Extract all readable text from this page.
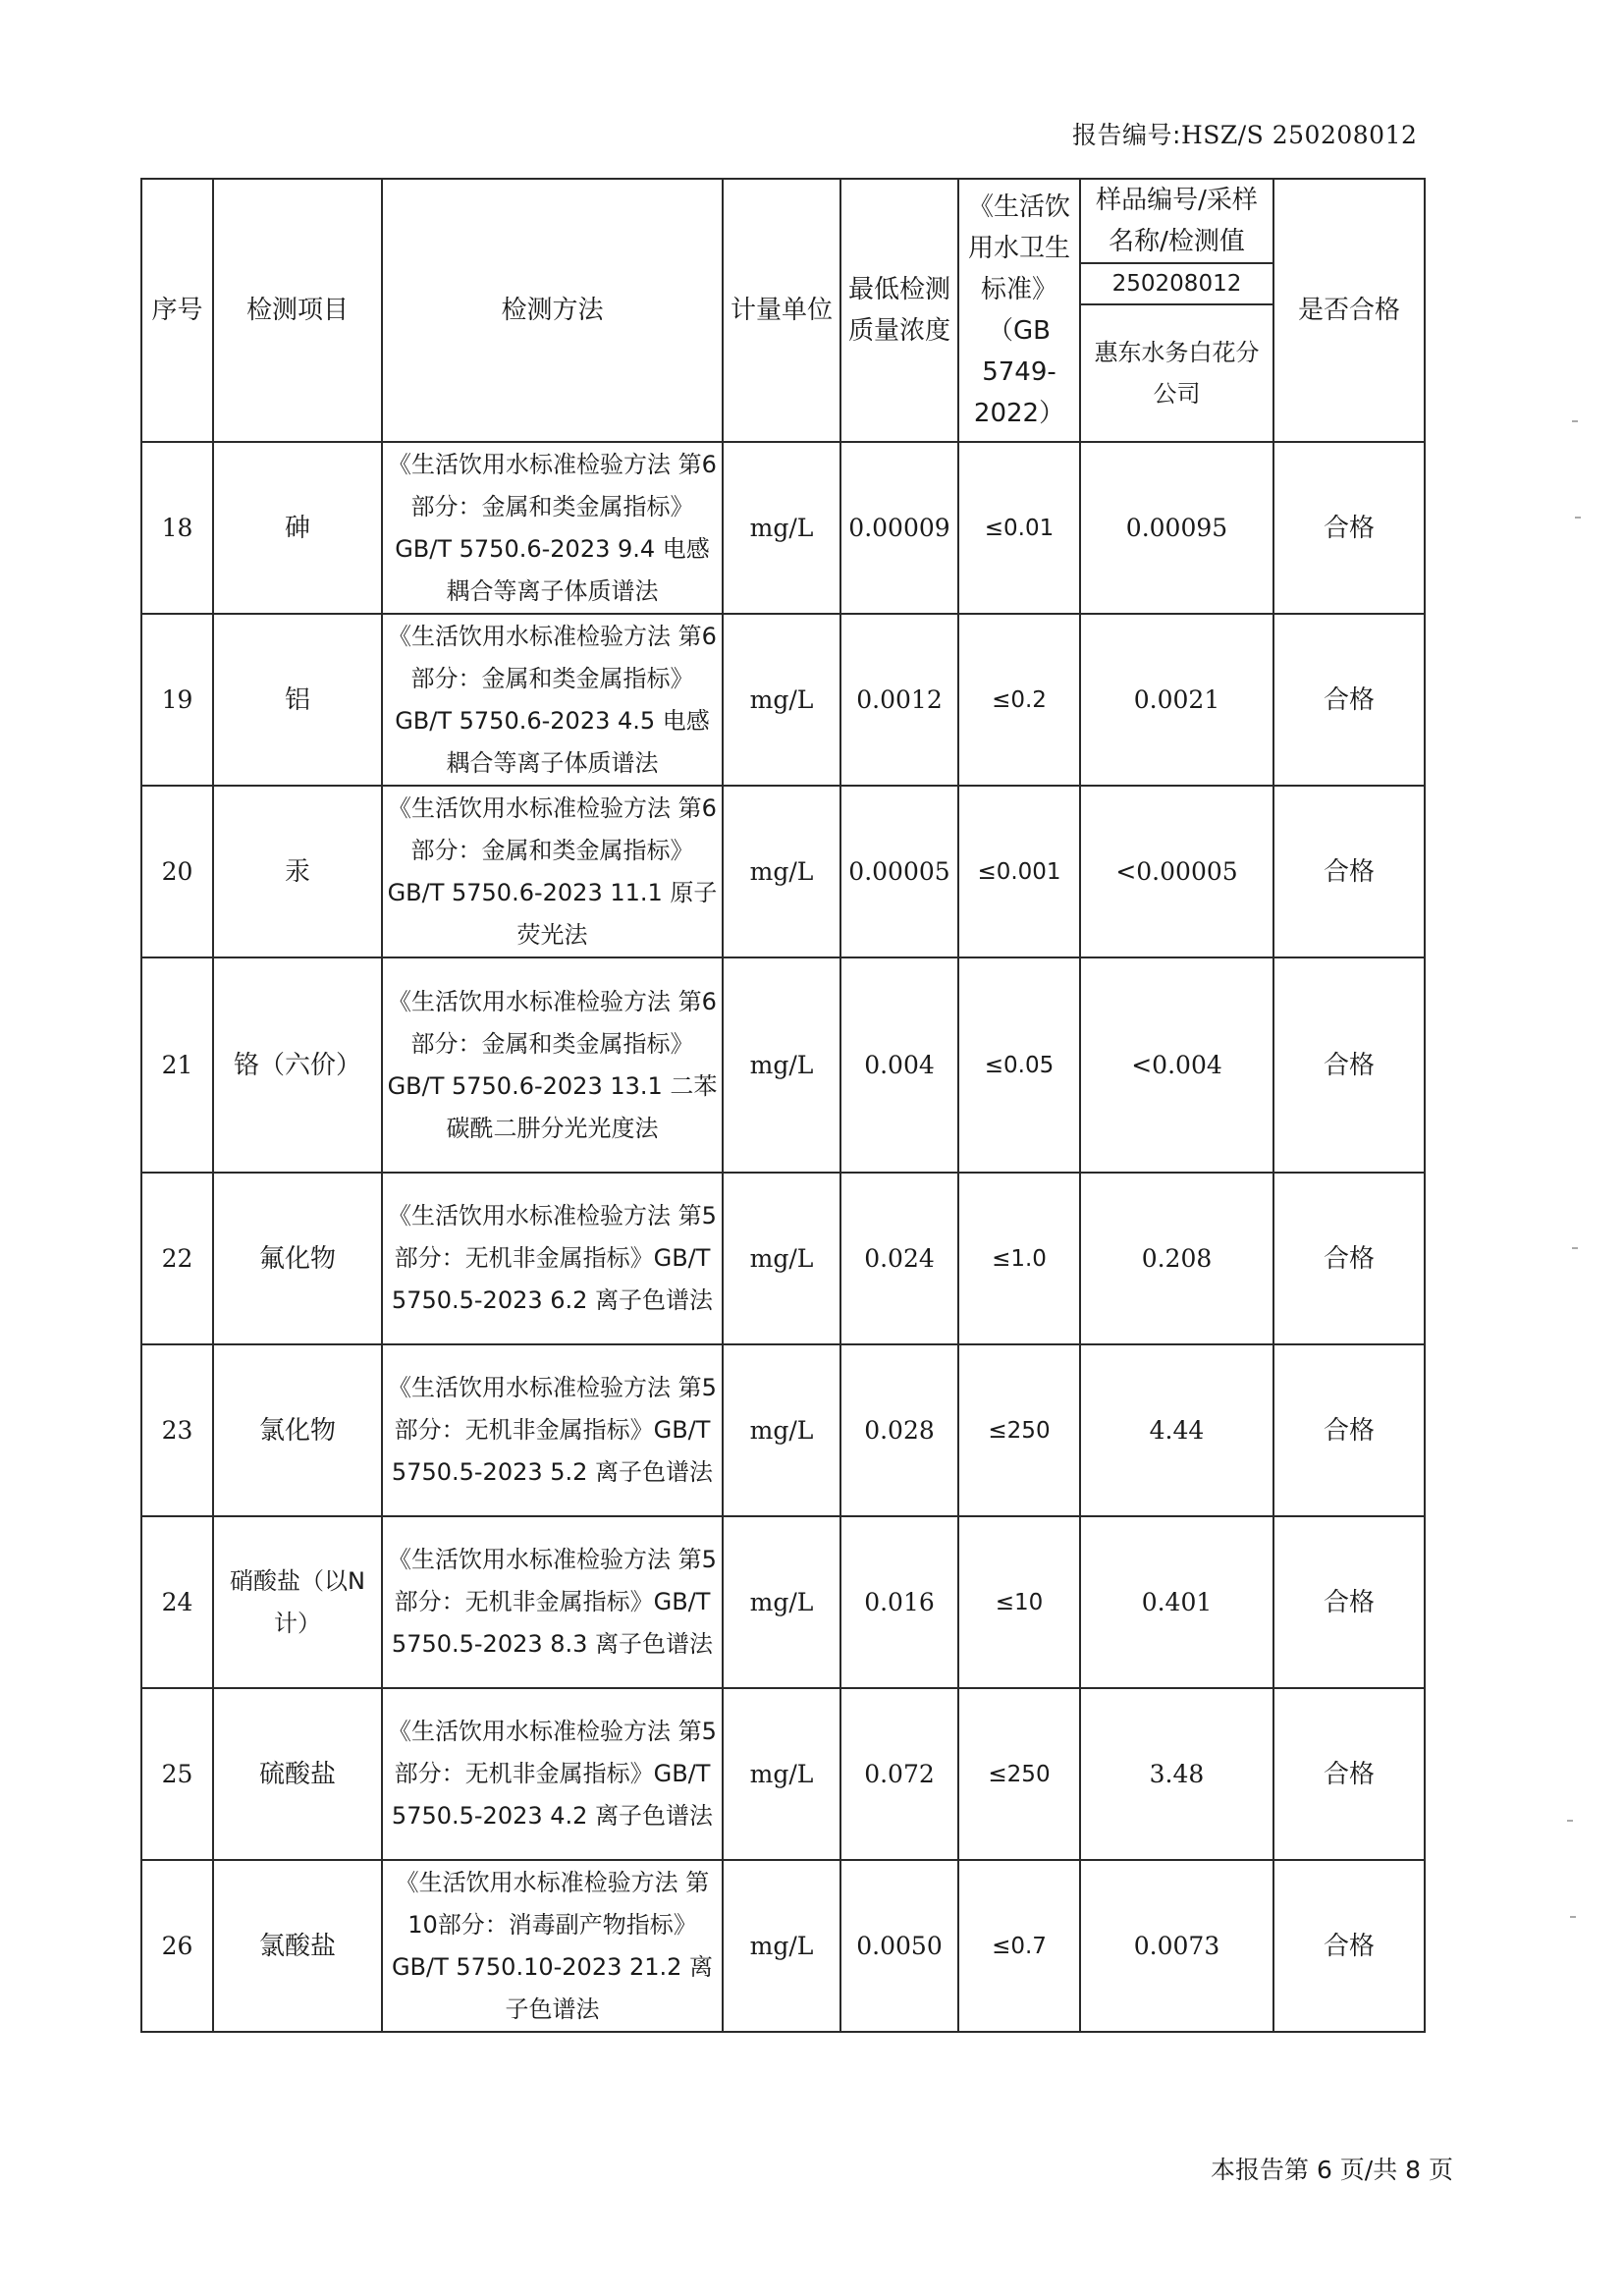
报告编号:HSZ/S 250208012
序号	检测项目	检测方法	计量单位	最低检测质量浓度	《生活饮用水卫生标准》（GB 5749-2022）	样品编号/采样名称/检测值	是否合格
						250208012	
						惠东水务白花分公司	
18	砷	《生活饮用水标准检验方法 第6部分：金属和类金属指标》GB/T 5750.6-2023 9.4 电感耦合等离子体质谱法	mg/L	0.00009	≤0.01	0.00095	合格
19	铝	《生活饮用水标准检验方法 第6部分：金属和类金属指标》GB/T 5750.6-2023 4.5 电感耦合等离子体质谱法	mg/L	0.0012	≤0.2	0.0021	合格
20	汞	《生活饮用水标准检验方法 第6部分：金属和类金属指标》GB/T 5750.6-2023 11.1 原子荧光法	mg/L	0.00005	≤0.001	<0.00005	合格
21	铬（六价）	《生活饮用水标准检验方法 第6部分：金属和类金属指标》GB/T 5750.6-2023 13.1 二苯碳酰二肼分光光度法	mg/L	0.004	≤0.05	<0.004	合格
22	氟化物	《生活饮用水标准检验方法 第5部分：无机非金属指标》GB/T 5750.5-2023 6.2 离子色谱法	mg/L	0.024	≤1.0	0.208	合格
23	氯化物	《生活饮用水标准检验方法 第5部分：无机非金属指标》GB/T 5750.5-2023 5.2 离子色谱法	mg/L	0.028	≤250	4.44	合格
24	硝酸盐（以N计）	《生活饮用水标准检验方法 第5部分：无机非金属指标》GB/T 5750.5-2023 8.3 离子色谱法	mg/L	0.016	≤10	0.401	合格
25	硫酸盐	《生活饮用水标准检验方法 第5部分：无机非金属指标》GB/T 5750.5-2023 4.2 离子色谱法	mg/L	0.072	≤250	3.48	合格
26	氯酸盐	《生活饮用水标准检验方法 第10部分：消毒副产物指标》GB/T 5750.10-2023 21.2 离子色谱法	mg/L	0.0050	≤0.7	0.0073	合格
本报告第 6 页/共 8 页
